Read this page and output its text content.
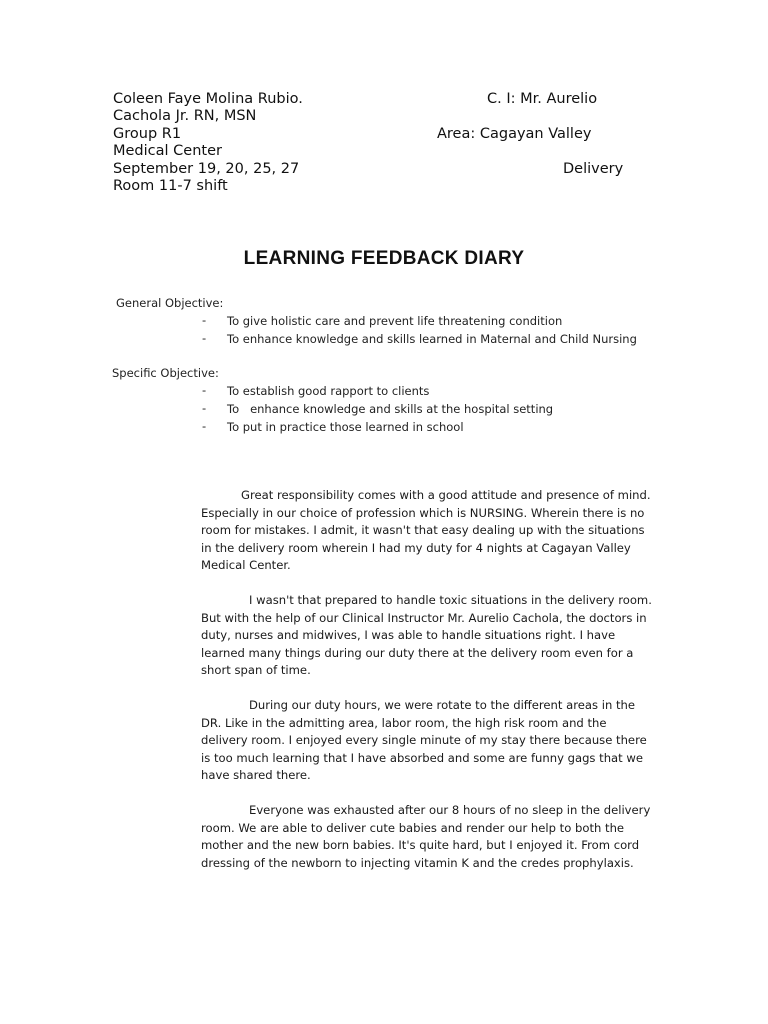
Coleen Faye Molina Rubio.	C. I: Mr. Aurelio
Cachola Jr. RN, MSN
Group R1	Area: Cagayan Valley
Medical Center
September 19, 20, 25, 27	Delivery
Room 11-7 shift
LEARNING FEEDBACK DIARY
General Objective:
- To give holistic care and prevent life threatening condition
- To enhance knowledge and skills learned in Maternal and Child Nursing
Specific Objective:
- To establish good rapport to clients
- To   enhance knowledge and skills at the hospital setting
- To put in practice those learned in school

Great responsibility comes with a good attitude and presence of mind. Especially in our choice of profession which is NURSING. Wherein there is no room for mistakes. I admit, it wasn't that easy dealing up with the situations in the delivery room wherein I had my duty for 4 nights at Cagayan Valley Medical Center.

I wasn't that prepared to handle toxic situations in the delivery room. But with the help of our Clinical Instructor Mr. Aurelio Cachola, the doctors in duty, nurses and midwives, I was able to handle situations right. I have learned many things during our duty there at the delivery room even for a short span of time.

During our duty hours, we were rotate to the different areas in the DR. Like in the admitting area, labor room, the high risk room and the delivery room. I enjoyed every single minute of my stay there because there is too much learning that I have absorbed and some are funny gags that we have shared there.

Everyone was exhausted after our 8 hours of no sleep in the delivery room. We are able to deliver cute babies and render our help to both the mother and the new born babies. It's quite hard, but I enjoyed it. From cord dressing of the newborn to injecting vitamin K and the credes prophylaxis.
